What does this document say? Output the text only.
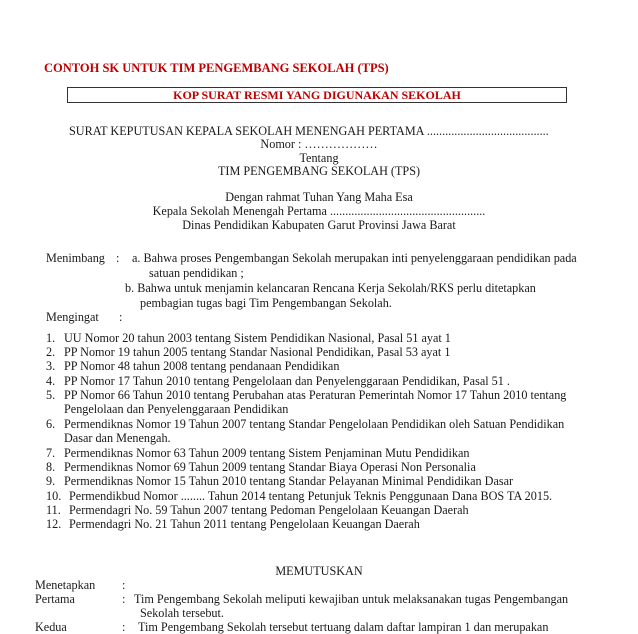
CONTOH SK UNTUK TIM PENGEMBANG SEKOLAH (TPS)
KOP SURAT RESMI YANG DIGUNAKAN SEKOLAH
SURAT KEPUTUSAN KEPALA SEKOLAH MENENGAH PERTAMA ........................................
Nomor : ………………
Tentang
TIM PENGEMBANG SEKOLAH (TPS)
Dengan rahmat Tuhan Yang Maha Esa
Kepala Sekolah Menengah Pertama ...................................................
Dinas Pendidikan Kabupaten Garut Provinsi Jawa Barat
Menimbang : a. Bahwa proses Pengembangan Sekolah merupakan inti penyelenggaraan pendidikan pada
satuan pendidikan ;
b. Bahwa untuk menjamin kelancaran Rencana Kerja Sekolah/RKS perlu ditetapkan
pembagian tugas bagi Tim Pengembangan Sekolah.
Mengingat :
1. UU Nomor 20 tahun 2003 tentang Sistem Pendidikan Nasional, Pasal 51 ayat 1
2. PP Nomor 19 tahun 2005 tentang Standar Nasional Pendidikan, Pasal 53 ayat 1
3. PP Nomor 48 tahun 2008 tentang pendanaan Pendidikan
4. PP Nomor 17 Tahun 2010 tentang Pengelolaan dan Penyelenggaraan Pendidikan, Pasal 51 .
5. PP Nomor 66 Tahun 2010 tentang Perubahan atas Peraturan Pemerintah Nomor 17 Tahun 2010 tentang
Pengelolaan dan Penyelenggaraan Pendidikan
6. Permendiknas Nomor 19 Tahun 2007 tentang Standar Pengelolaan Pendidikan oleh Satuan Pendidikan
Dasar dan Menengah.
7. Permendiknas Nomor 63 Tahun 2009 tentang Sistem Penjaminan Mutu Pendidikan
8. Permendiknas Nomor 69 Tahun 2009 tentang Standar Biaya Operasi Non Personalia
9. Permendiknas Nomor 15 Tahun 2010 tentang Standar Pelayanan Minimal Pendidikan Dasar
10. Permendikbud Nomor ........ Tahun 2014 tentang Petunjuk Teknis Penggunaan Dana BOS TA 2015.
11. Permendagri No. 59 Tahun 2007 tentang Pedoman Pengelolaan Keuangan Daerah
12. Permendagri No. 21 Tahun 2011 tentang Pengelolaan Keuangan Daerah
MEMUTUSKAN
Menetapkan :
Pertama	: Tim Pengembang Sekolah meliputi kewajiban untuk melaksanakan tugas Pengembangan
Sekolah tersebut.
Kedua	: Tim Pengembang Sekolah tersebut tertuang dalam daftar lampiran 1 dan merupakan
